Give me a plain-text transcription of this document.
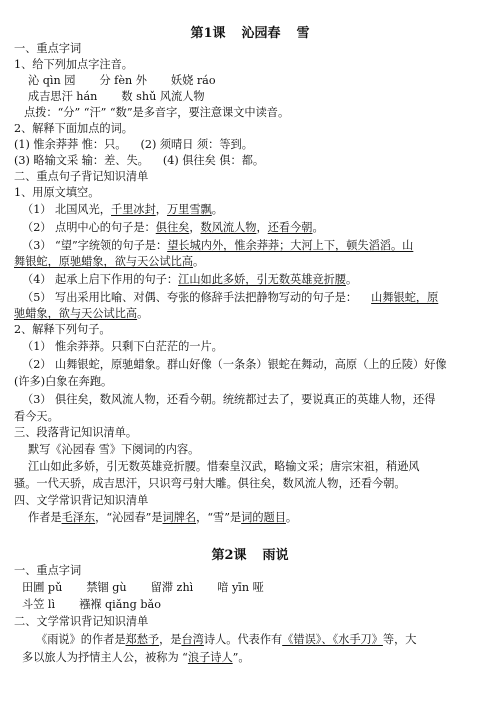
第1课 沁园春 雪
一、重点字词
1、给下列加点字注音。
沁 qìn 园 分 fèn 外 妖娆 ráo
成吉思汗 hán 数 shǔ 风流人物
点拨：“分” “汗” “数”是多音字，要注意课文中读音。
2、解释下面加点的词。
(1) 惟余莽莽 惟：只。 (2) 须晴日 须：等到。
(3) 略输文采 输：差、失。 (4) 俱往矣 俱：都。
二、重点句子背记知识清单
1、用原文填空。
（1） 北国风光，千里冰封，万里雪飘。
（2） 点明中心的句子是：俱往矣，数风流人物，还看今朝。
（3） “望”字统领的句子是：望长城内外，惟余莽莽；大河上下，顿失滔滔。山
舞银蛇，原驰蜡象，欲与天公试比高。
（4） 起承上启下作用的句子：江山如此多娇，引无数英雄竞折腰。
（5） 写出采用比喻、对偶、夸张的修辞手法把静物写动的句子是： 山舞银蛇，原
驰蜡象，欲与天公试比高。
2、解释下列句子。
（1） 惟余莽莽。只剩下白茫茫的一片。
（2） 山舞银蛇，原驰蜡象。群山好像（一条条）银蛇在舞动，高原（上的丘陵）好像
(许多)白象在奔跑。
（3） 俱往矣，数风流人物，还看今朝。统统都过去了，要说真正的英雄人物，还得
看今天。
三、段落背记知识清单。
默写《沁园春 雪》下阕词的内容。
江山如此多娇，引无数英雄竞折腰。惜秦皇汉武，略输文采；唐宗宋祖，稍逊风
骚。一代天骄，成吉思汗，只识弯弓射大雕。俱往矣，数风流人物，还看今朝。
四、文学常识背记知识清单
作者是毛泽东，“沁园春”是词牌名，“雪”是词的题目。
第2课 雨说
一、重点字词
田圃 pǔ 禁锢 gù 留滞 zhì 喑 yīn 哑
斗笠 lì 襁褓 qiǎng bǎo
二、文学常识背记知识清单
《雨说》的作者是郑愁予，是台湾诗人。代表作有《错误》、《水手刀》等，大
多以旅人为抒情主人公，被称为 “浪子诗人”。
